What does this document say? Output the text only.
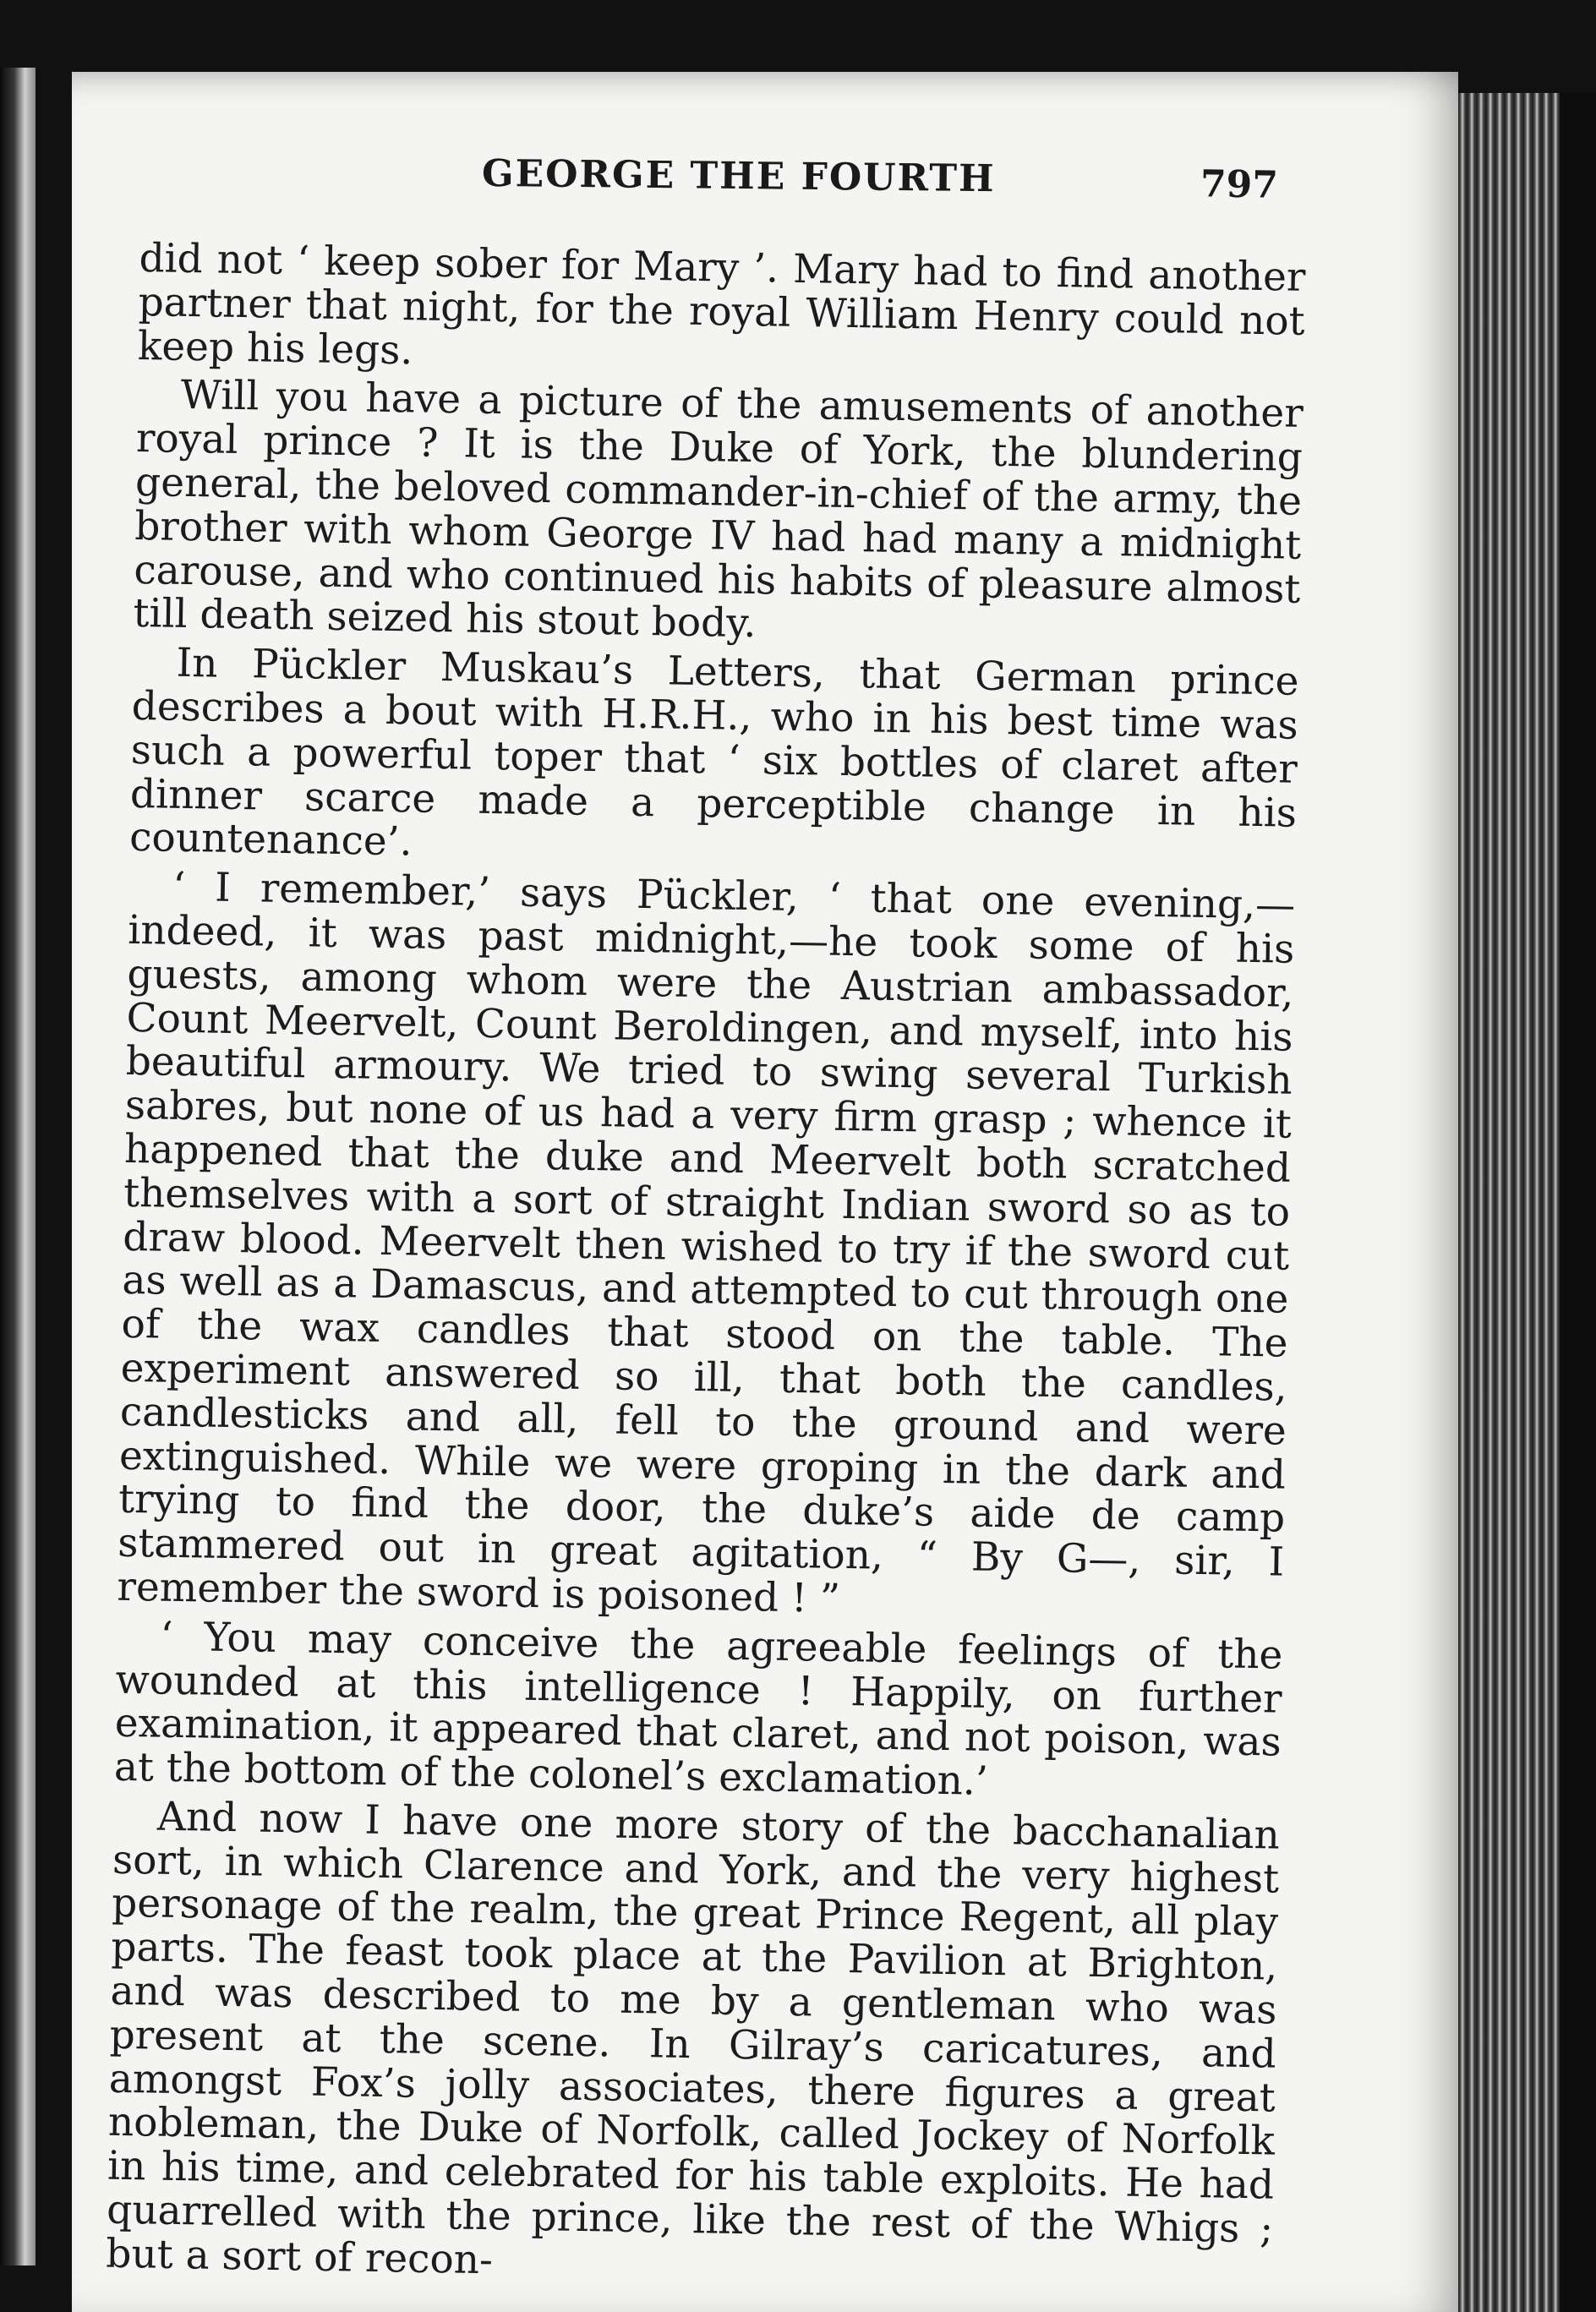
GEORGE THE FOURTH	797

did not ‘ keep sober for Mary ’. Mary had to find another partner that night, for the royal William Henry could not keep his legs.

Will you have a picture of the amusements of another royal prince ? It is the Duke of York, the blundering general, the beloved commander-in-chief of the army, the brother with whom George IV had had many a midnight carouse, and who continued his habits of pleasure almost till death seized his stout body.

In Pückler Muskau’s Letters, that German prince describes a bout with H.R.H., who in his best time was such a powerful toper that ‘ six bottles of claret after dinner scarce made a perceptible change in his countenance’.

‘ I remember,’ says Pückler, ‘ that one evening,—indeed, it was past midnight,—he took some of his guests, among whom were the Austrian ambassador, Count Meervelt, Count Beroldingen, and myself, into his beautiful armoury. We tried to swing several Turkish sabres, but none of us had a very firm grasp ; whence it happened that the duke and Meervelt both scratched themselves with a sort of straight Indian sword so as to draw blood. Meervelt then wished to try if the sword cut as well as a Damascus, and attempted to cut through one of the wax candles that stood on the table. The experiment answered so ill, that both the candles, candlesticks and all, fell to the ground and were extinguished. While we were groping in the dark and trying to find the door, the duke’s aide de camp stammered out in great agitation, “ By G—, sir, I remember the sword is poisoned ! ”

‘ You may conceive the agreeable feelings of the wounded at this intelligence ! Happily, on further examination, it appeared that claret, and not poison, was at the bottom of the colonel’s exclamation.’

And now I have one more story of the bacchanalian sort, in which Clarence and York, and the very highest personage of the realm, the great Prince Regent, all play parts. The feast took place at the Pavilion at Brighton, and was described to me by a gentleman who was present at the scene. In Gilray’s caricatures, and amongst Fox’s jolly associates, there figures a great nobleman, the Duke of Norfolk, called Jockey of Norfolk in his time, and celebrated for his table exploits. He had quarrelled with the prince, like the rest of the Whigs ; but a sort of recon-
